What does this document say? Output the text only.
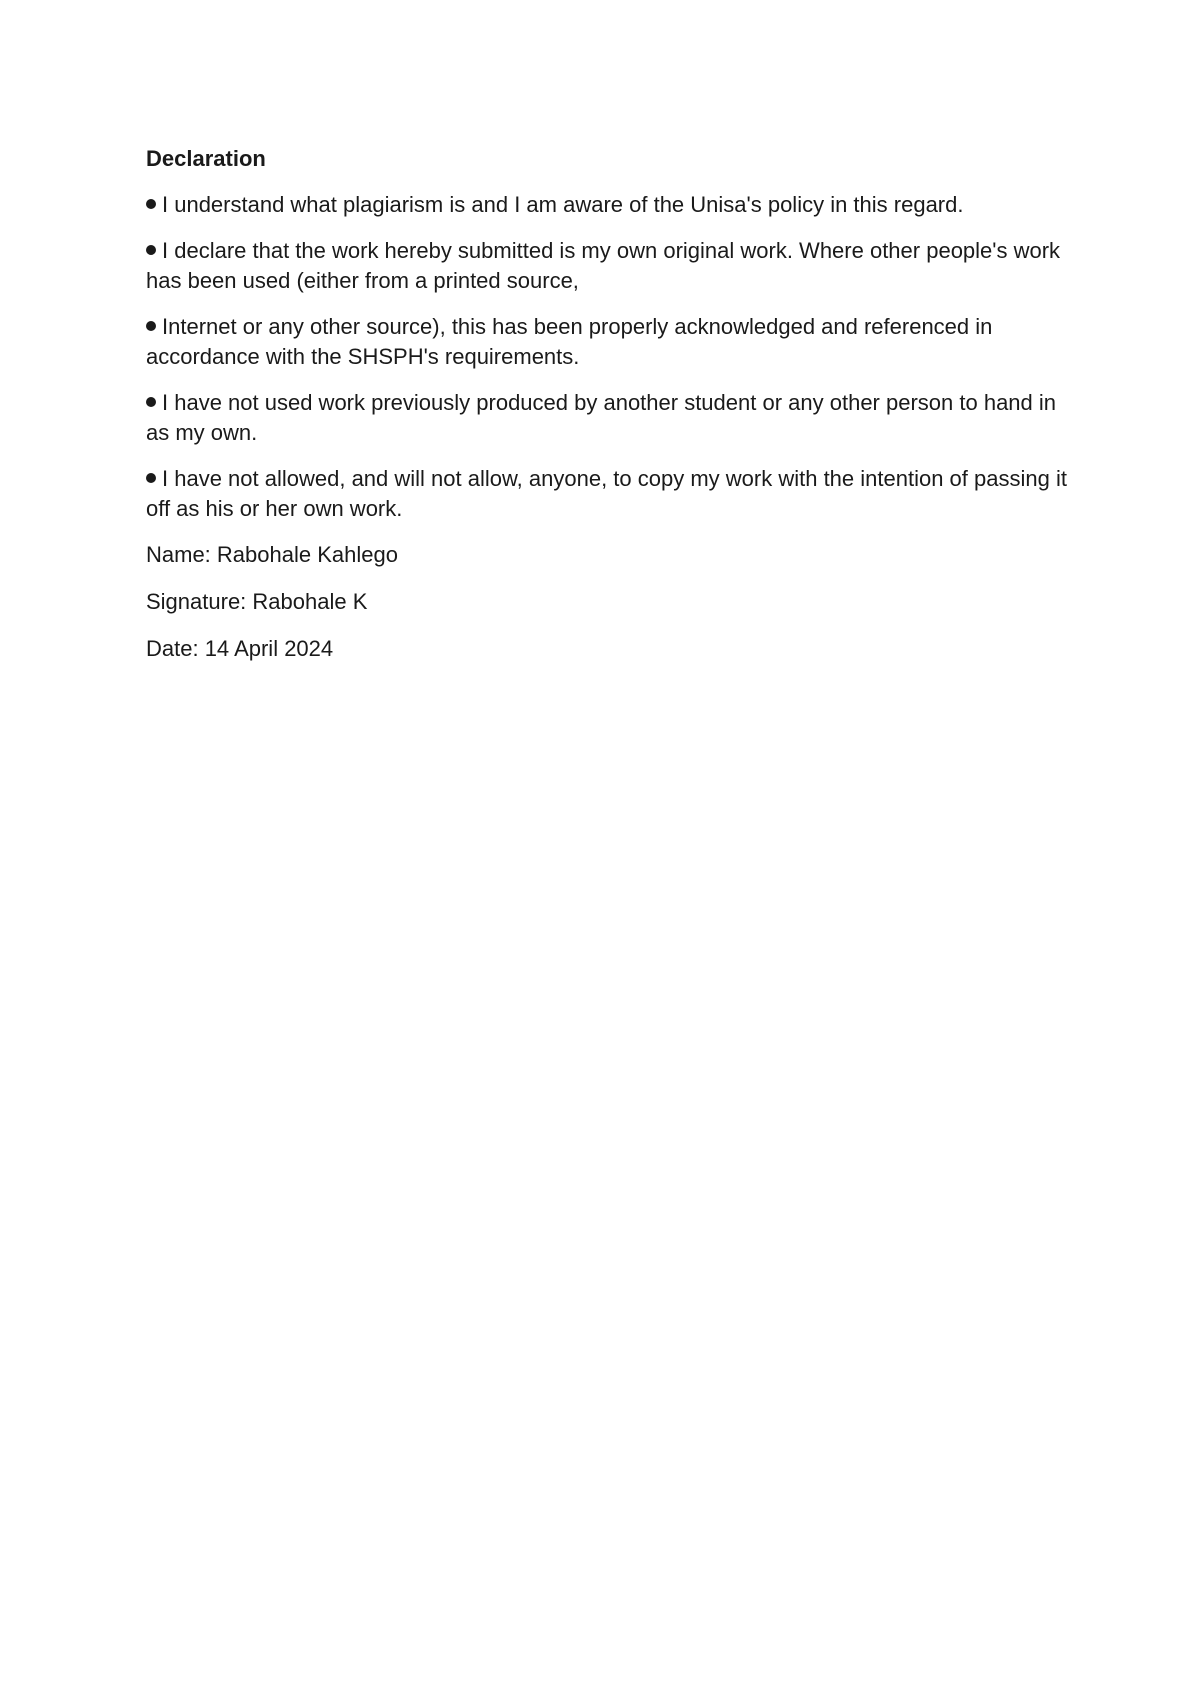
Declaration
I understand what plagiarism is and I am aware of the Unisa's policy in this regard.
I declare that the work hereby submitted is my own original work. Where other people's work has been used (either from a printed source,
Internet or any other source), this has been properly acknowledged and referenced in accordance with the SHSPH's requirements.
I have not used work previously produced by another student or any other person to hand in as my own.
I have not allowed, and will not allow, anyone, to copy my work with the intention of passing it off as his or her own work.
Name: Rabohale Kahlego
Signature: Rabohale K
Date: 14 April 2024
